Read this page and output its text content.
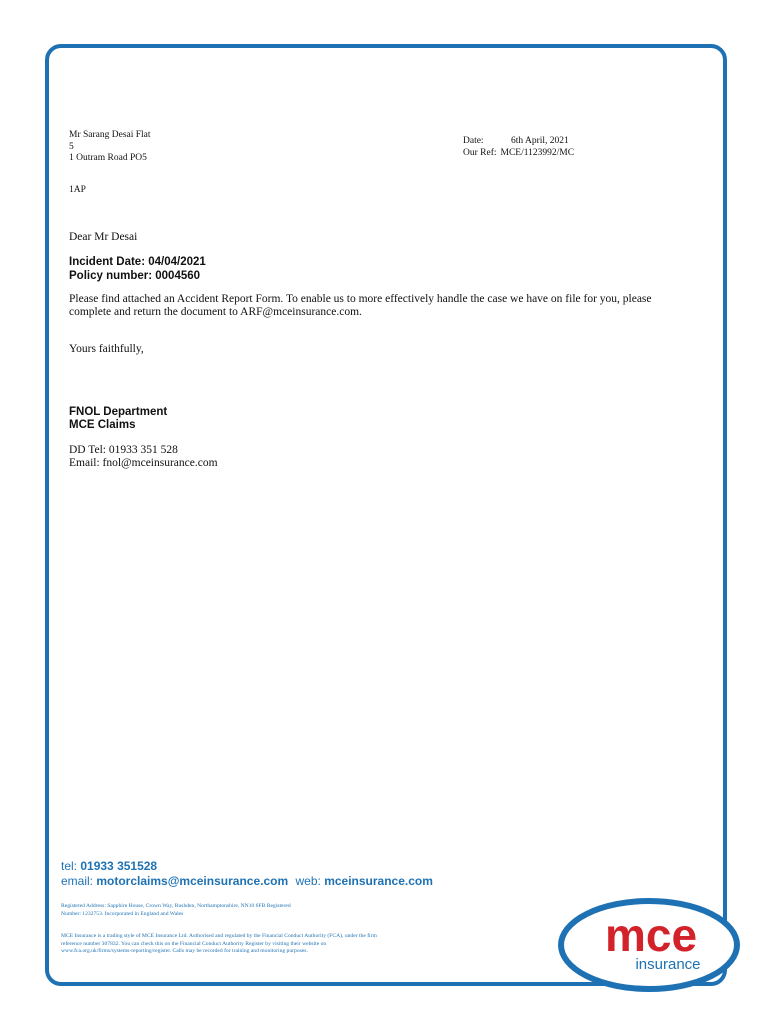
Mr Sarang Desai Flat
5
1 Outram Road PO5
Date:	6th April, 2021
Our Ref: MCE/1123992/MC
1AP
Dear Mr Desai
Incident Date: 04/04/2021
Policy number: 0004560
Please find attached an Accident Report Form. To enable us to more effectively handle the case we have on file for you, please
complete and return the document to ARF@mceinsurance.com.
Yours faithfully,
FNOL Department
MCE Claims
DD Tel: 01933 351 528
Email: fnol@mceinsurance.com
tel: 01933 351528
email: motorclaims@mceinsurance.com web: mceinsurance.com
Registered Address: Sapphire House, Crown Way, Rushden, Northamptonshire, NN10 6FB Registered
Number: 1232753. Incorporated in England and Wales
MCE Insurance is a trading style of MCE Insurance Ltd. Authorised and regulated by the Financial Conduct Authority (FCA), under the firm
reference number 307832. You can check this on the Financial Conduct Authority Register by visiting their website on
www.fca.org.uk/firms/systems-reporting/register. Calls may be recorded for training and monitoring purposes.	mce
insurance
